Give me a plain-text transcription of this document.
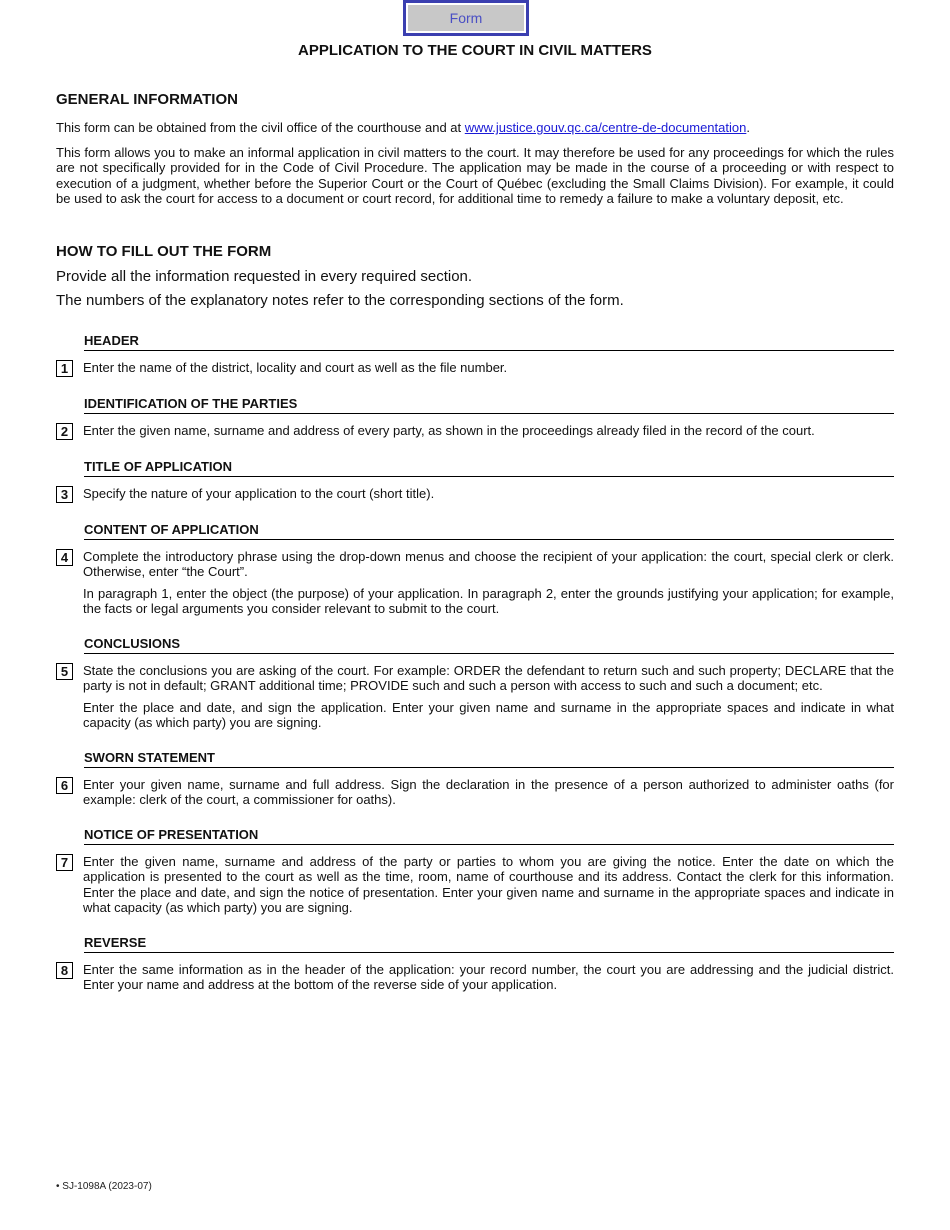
Form
APPLICATION TO THE COURT IN CIVIL MATTERS
GENERAL INFORMATION

This form can be obtained from the civil office of the courthouse and at www.justice.gouv.qc.ca/centre-de-documentation.

This form allows you to make an informal application in civil matters to the court. It may therefore be used for any proceedings for which the rules are not specifically provided for in the Code of Civil Procedure. The application may be made in the course of a proceeding or with respect to execution of a judgment, whether before the Superior Court or the Court of Québec (excluding the Small Claims Division). For example, it could be used to ask the court for access to a document or court record, for additional time to remedy a failure to make a voluntary deposit, etc.

HOW TO FILL OUT THE FORM

Provide all the information requested in every required section.

The numbers of the explanatory notes refer to the corresponding sections of the form.

HEADER
1	Enter the name of the district, locality and court as well as the file number.

IDENTIFICATION OF THE PARTIES
2	Enter the given name, surname and address of every party, as shown in the proceedings already filed in the record of the court.

TITLE OF APPLICATION
3	Specify the nature of your application to the court (short title).

CONTENT OF APPLICATION
4	Complete the introductory phrase using the drop-down menus and choose the recipient of your application: the court, special clerk or clerk. Otherwise, enter “the Court”.

In paragraph 1, enter the object (the purpose) of your application. In paragraph 2, enter the grounds justifying your application; for example, the facts or legal arguments you consider relevant to submit to the court.

CONCLUSIONS
5	State the conclusions you are asking of the court. For example: ORDER the defendant to return such and such property; DECLARE that the party is not in default; GRANT additional time; PROVIDE such and such a person with access to such and such a document; etc.

Enter the place and date, and sign the application. Enter your given name and surname in the appropriate spaces and indicate in what capacity (as which party) you are signing.

SWORN STATEMENT
6	Enter your given name, surname and full address. Sign the declaration in the presence of a person authorized to administer oaths (for example: clerk of the court, a commissioner for oaths).

NOTICE OF PRESENTATION
7	Enter the given name, surname and address of the party or parties to whom you are giving the notice. Enter the date on which the application is presented to the court as well as the time, room, name of courthouse and its address. Contact the clerk for this information. Enter the place and date, and sign the notice of presentation. Enter your given name and surname in the appropriate spaces and indicate in what capacity (as which party) you are signing.

REVERSE
8	Enter the same information as in the header of the application: your record number, the court you are addressing and the judicial district. Enter your name and address at the bottom of the reverse side of your application.

• SJ-1098A (2023-07)
